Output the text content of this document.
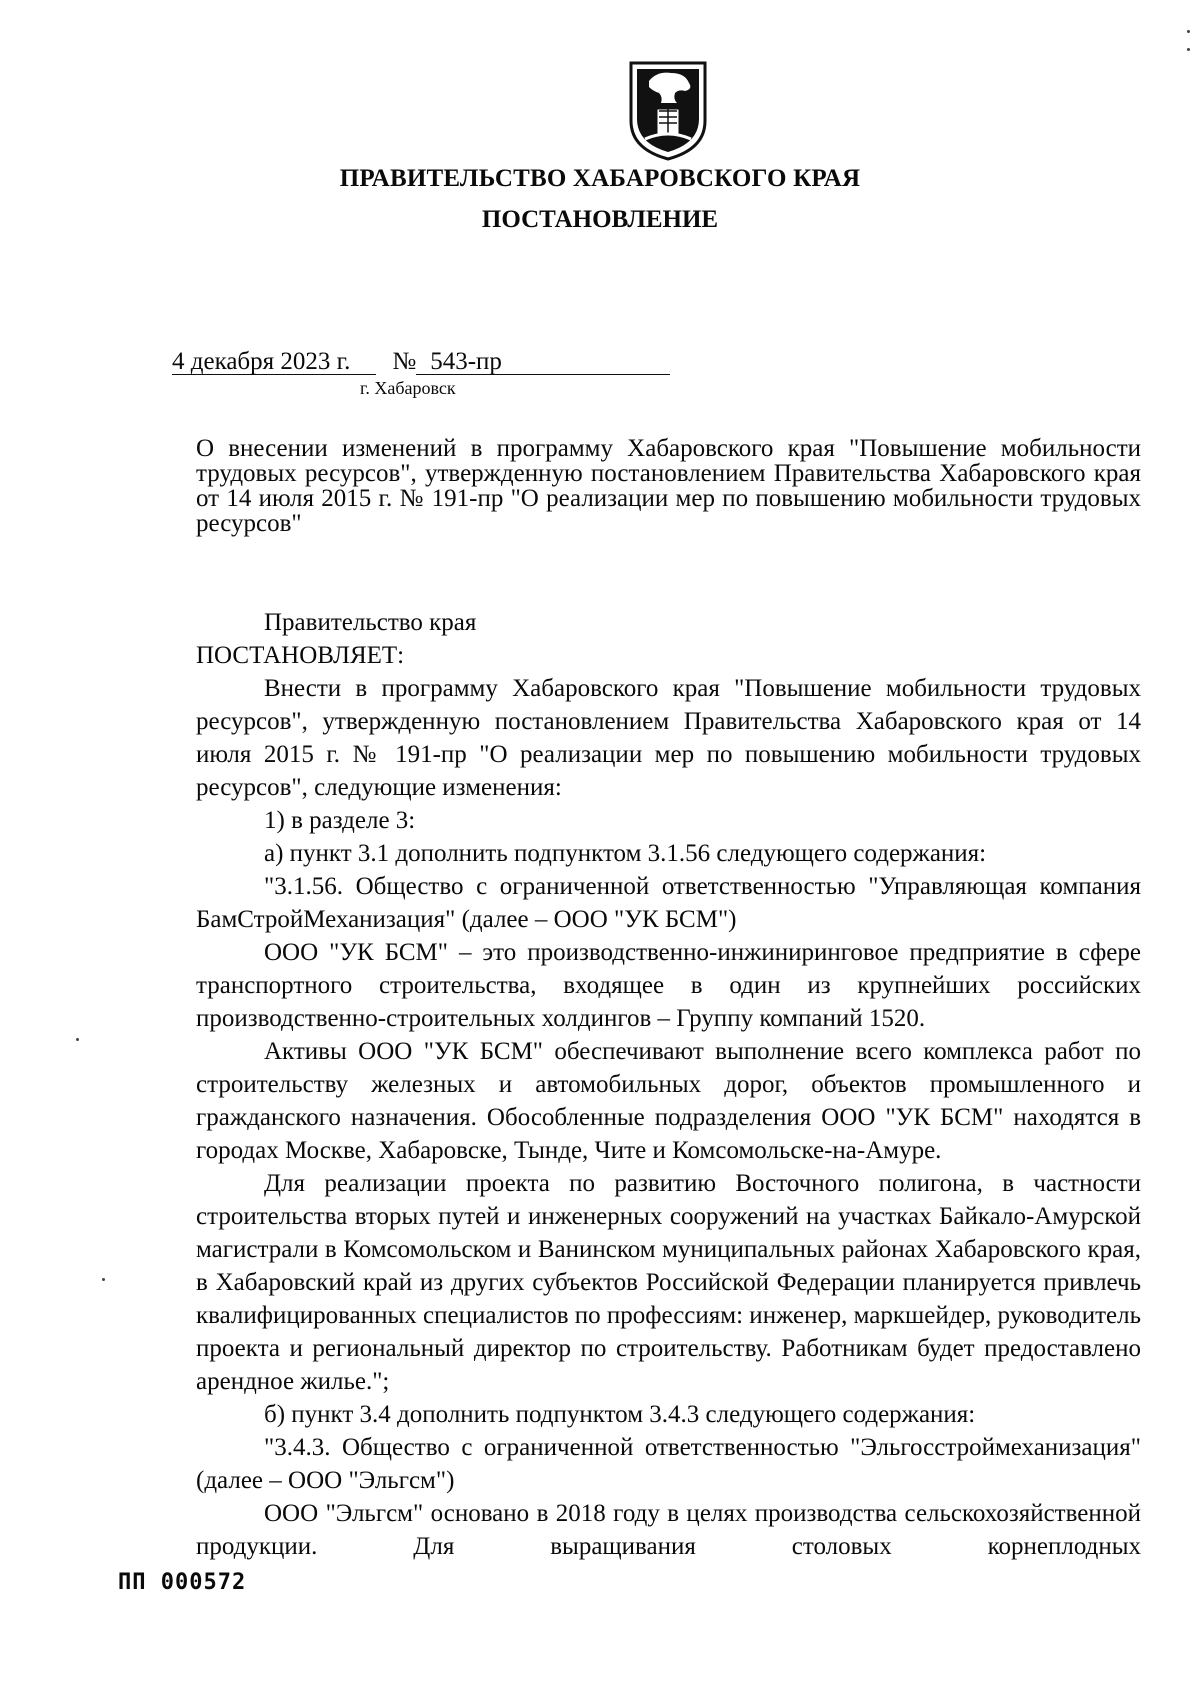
ПРАВИТЕЛЬСТВО ХАБАРОВСКОГО КРАЯ
ПОСТАНОВЛЕНИЕ
4 декабря 2023 г. № 543-пр
г. Хабаровск
О внесении изменений в программу Хабаровского края "Повышение мобильности трудовых ресурсов", утвержденную постановлением Правительства Хабаровского края от 14 июля 2015 г. № 191-пр "О реализации мер по повышению мобильности трудовых ресурсов"

Правительство края

ПОСТАНОВЛЯЕТ:

Внести в программу Хабаровского края "Повышение мобильности трудовых ресурсов", утвержденную постановлением Правительства Хабаровского края от 14 июля 2015 г. № 191-пр "О реализации мер по повышению мобильности трудовых ресурсов", следующие изменения:

1) в разделе 3:

а) пункт 3.1 дополнить подпунктом 3.1.56 следующего содержания:

"3.1.56. Общество с ограниченной ответственностью "Управляющая компания БамСтройМеханизация" (далее – ООО "УК БСМ")

ООО "УК БСМ" – это производственно-инжиниринговое предприятие в сфере транспортного строительства, входящее в один из крупнейших российских производственно-строительных холдингов – Группу компаний 1520.

Активы ООО "УК БСМ" обеспечивают выполнение всего комплекса работ по строительству железных и автомобильных дорог, объектов промышленного и гражданского назначения. Обособленные подразделения ООО "УК БСМ" находятся в городах Москве, Хабаровске, Тынде, Чите и Комсомольске-на-Амуре.

Для реализации проекта по развитию Восточного полигона, в частности строительства вторых путей и инженерных сооружений на участках Байкало-Амурской магистрали в Комсомольском и Ванинском муниципальных районах Хабаровского края, в Хабаровский край из других субъектов Российской Федерации планируется привлечь квалифицированных специалистов по профессиям: инженер, маркшейдер, руководитель проекта и региональный директор по строительству. Работникам будет предоставлено арендное жилье.";

б) пункт 3.4 дополнить подпунктом 3.4.3 следующего содержания:

"3.4.3. Общество с ограниченной ответственностью "Эльгосстроймеханизация" (далее – ООО "Эльгсм")

ООО "Эльгсм" основано в 2018 году в целях производства сельскохозяйственной продукции. Для выращивания столовых корнеплодных

ПП 000572
